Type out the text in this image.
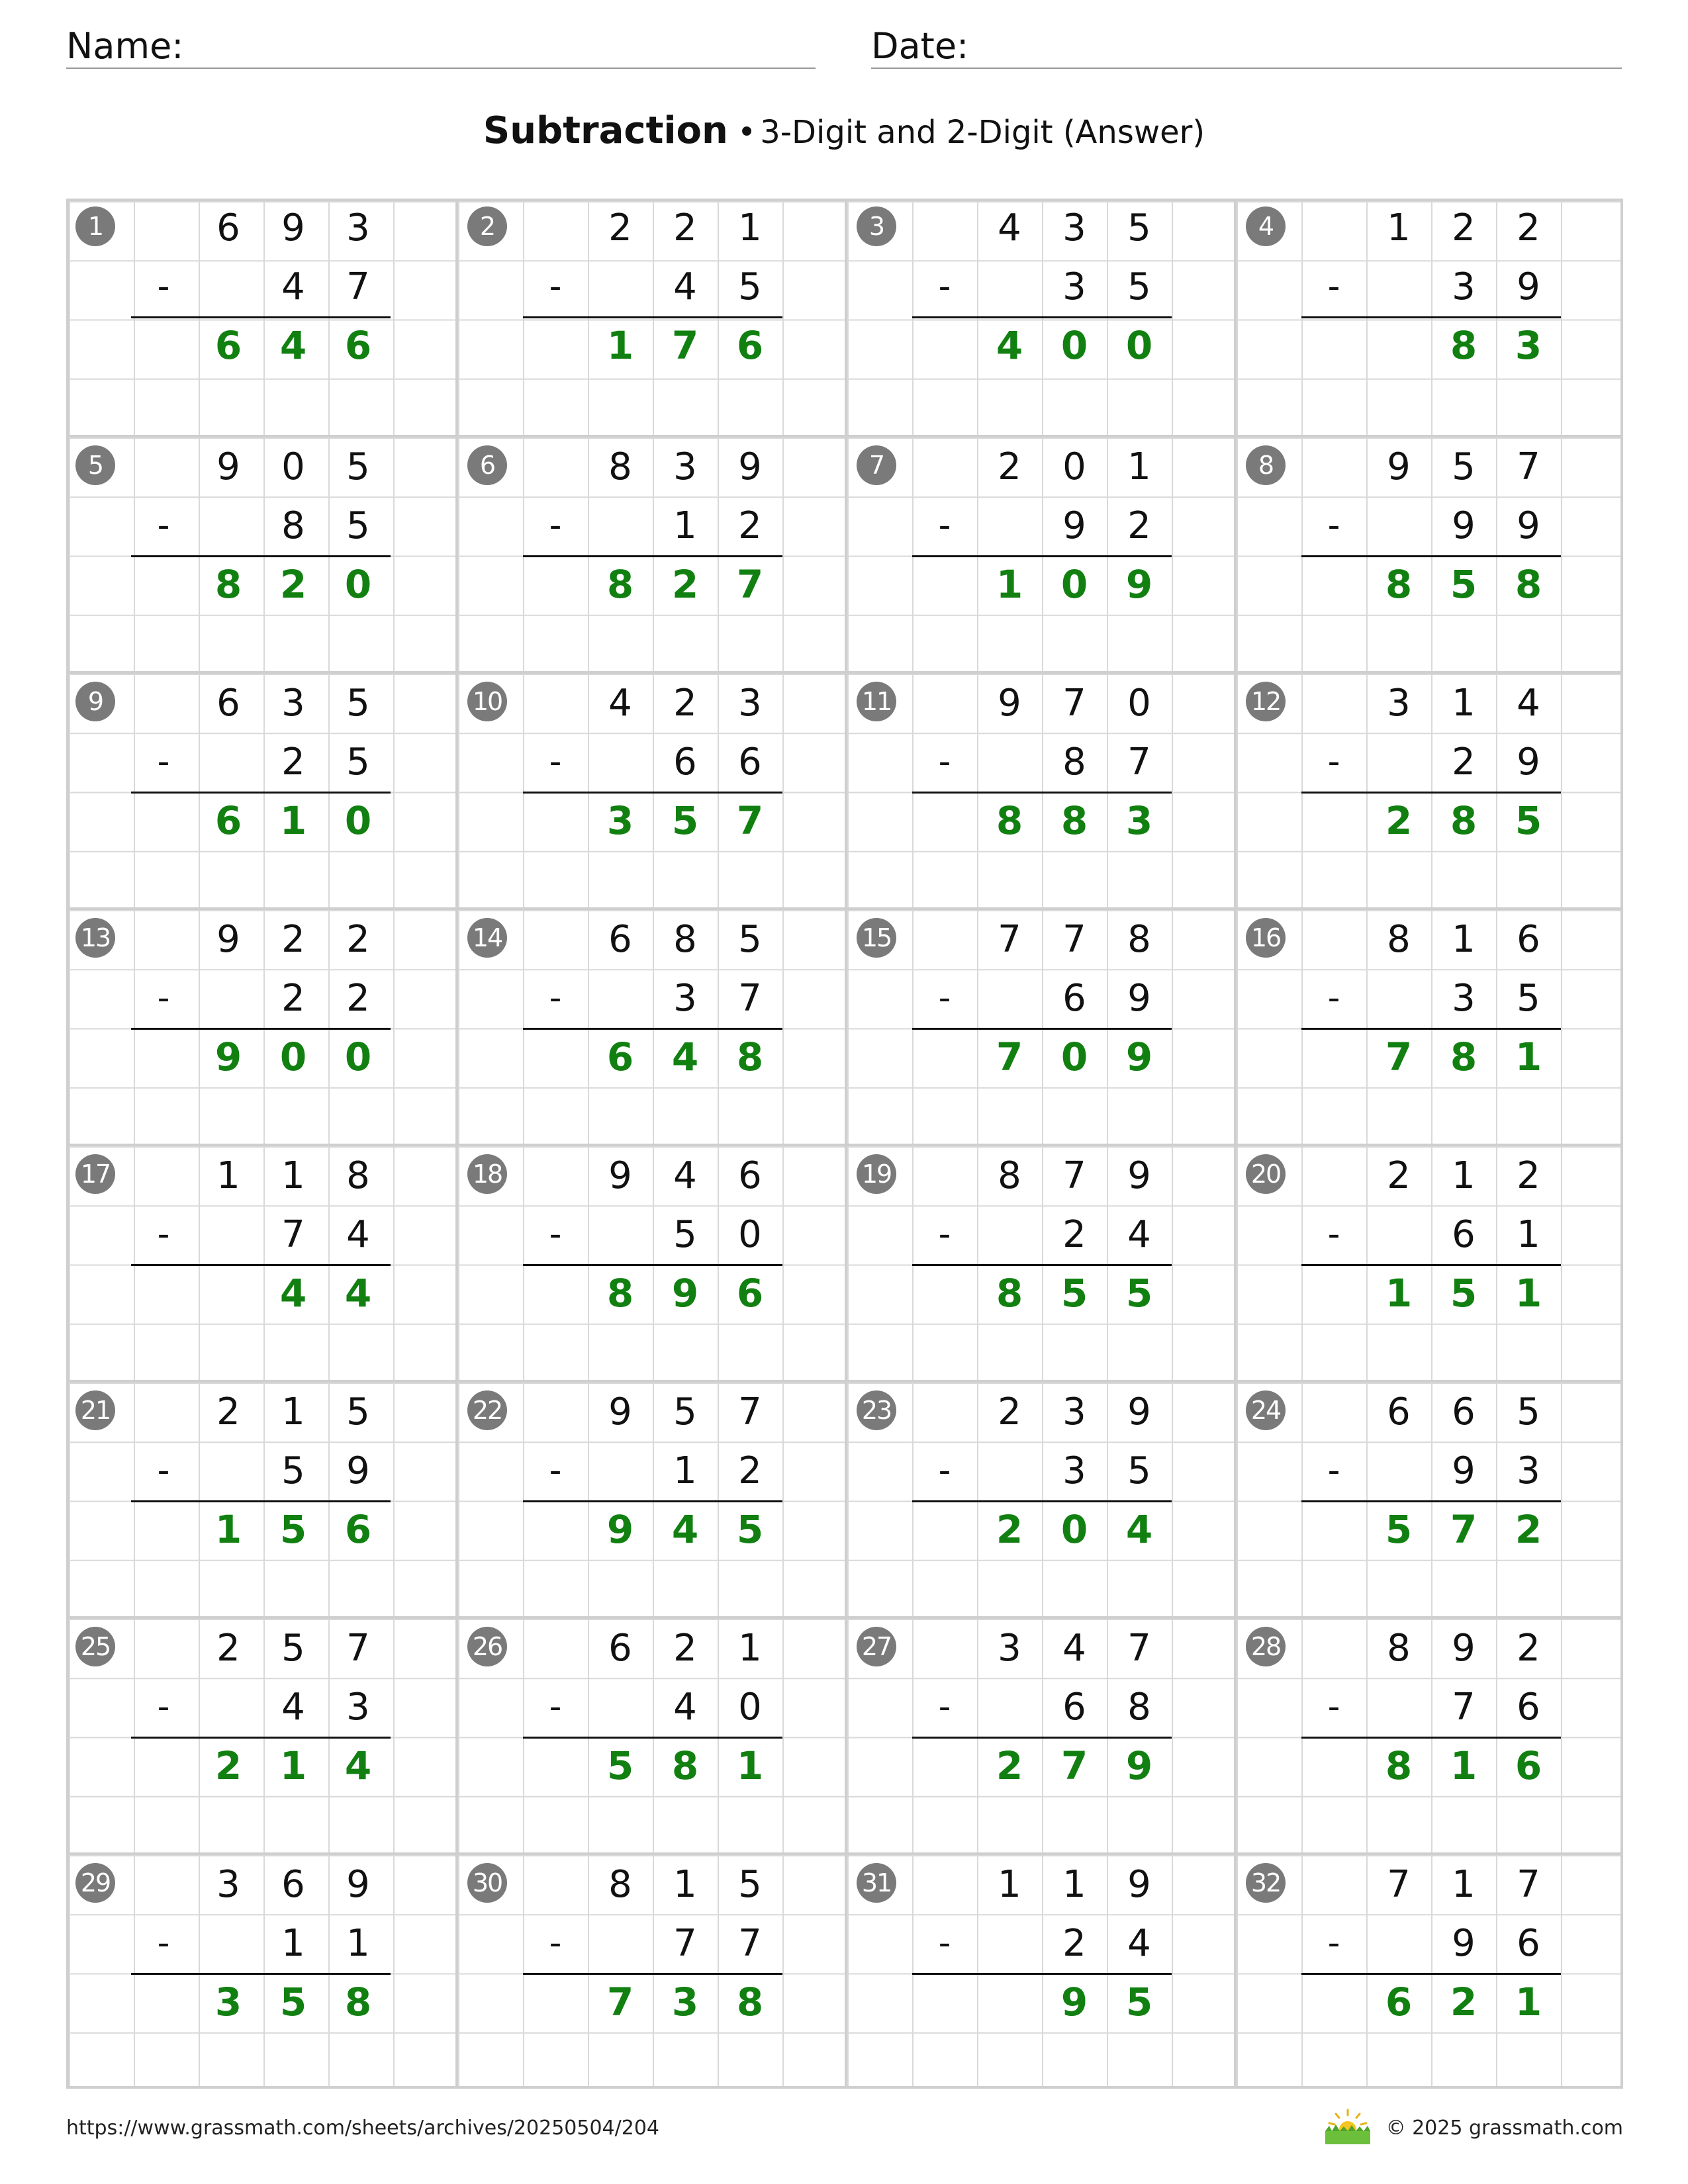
Name:	Date:
Subtraction • 3-Digit and 2-Digit (Answer)
1	6	9	3
4	7
6 4 6
-
2	2	2	1
4	5
1 7 6
-
3	4	3	5
3	5
4 0 0
-
4	1	2	2
3	9
8 3
-
5	9	0	5
8	5
8 2 0
-
6	8	3	9
1	2
8 2 7
-
7	2	0	1
9	2
1 0 9
-
8	9	5	7
9	9
8 5 8
-
9	6	3	5
2	5
6 1 0
-
10	4	2	3
6	6
3 5 7
-
11	9	7	0
8	7
8 8 3
-
12	3	1	4
2	9
2 8 5
-
13	9	2	2
2	2
9 0 0
-
14	6	8	5
3	7
6 4 8
-
15	7	7	8
6	9
7 0 9
-
16	8	1	6
3	5
7 8 1
-
17	1	1	8
7	4
4 4
-
18	9	4	6
5	0
8 9 6
-
19	8	7	9
2	4
8 5 5
-
20	2	1	2
6	1
1 5 1
-
21	2	1	5
5	9
1 5 6
-
22	9	5	7
1	2
9 4 5
-
23	2	3	9
3	5
2 0 4
-
24	6	6	5
9	3
5 7 2
-
25	2	5	7
4	3
2 1 4
-
26	6	2	1
4	0
5 8 1
-
27	3	4	7
6	8
2 7 9
-
28	8	9	2
7	6
8 1 6
-
29	3	6	9
1	1
3 5 8
-
30	8	1	5
7	7
7 3 8
-
31	1	1	9
2	4
9 5
-
32	7	1	7
9	6
6 2 1
-
https://www.grassmath.com/sheets/archives/20250504/204	© 2025 grassmath.com
